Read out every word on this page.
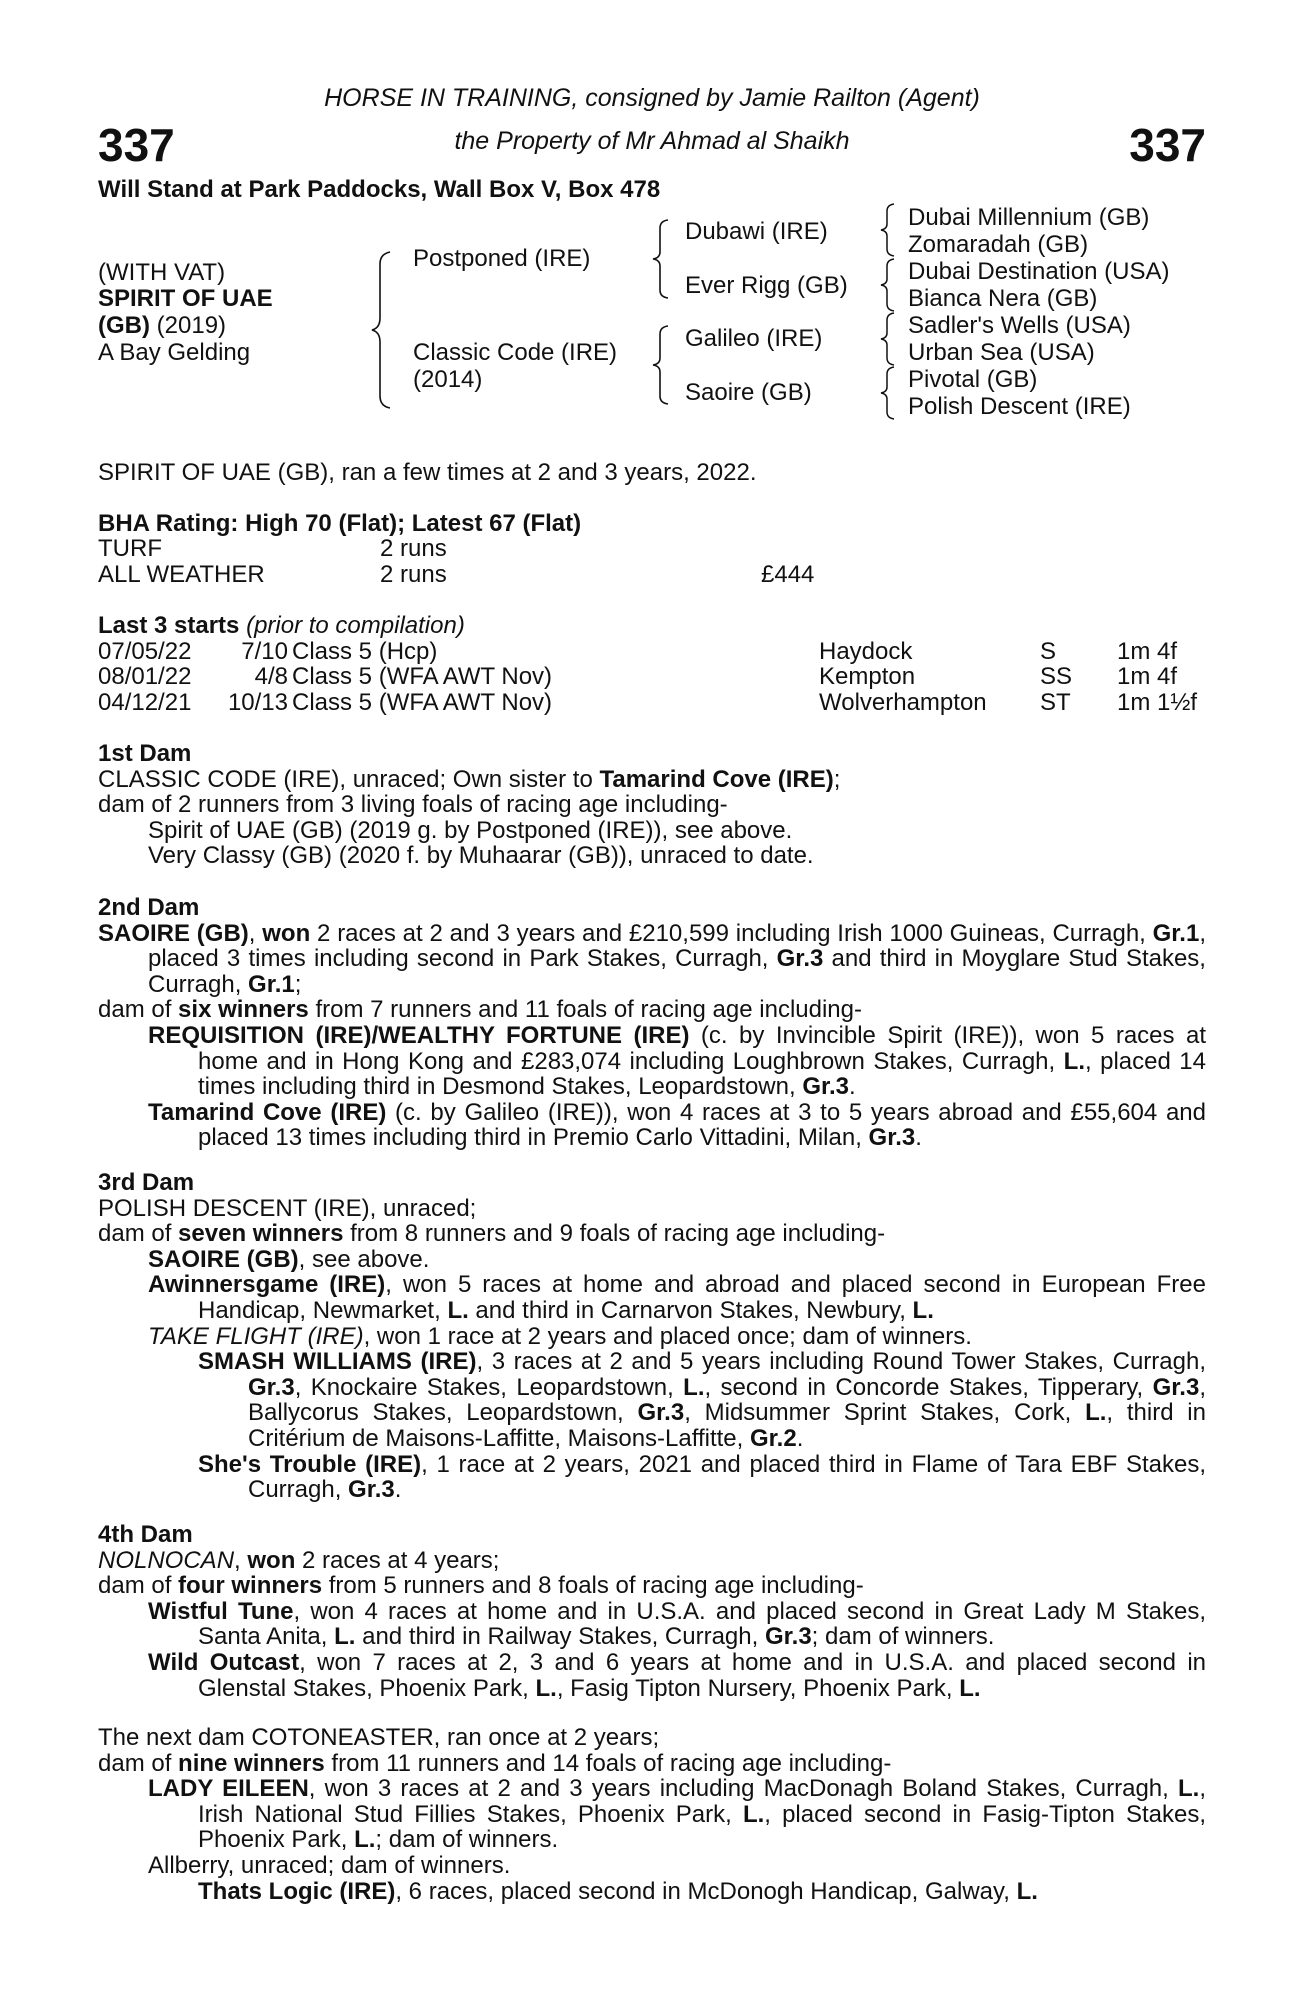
337	337
HORSE IN TRAINING, consigned by Jamie Railton (Agent)
the Property of Mr Ahmad al Shaikh
Will Stand at Park Paddocks, Wall Box V, Box 478
(WITH VAT)
SPIRIT OF UAE
(GB) (2019)
A Bay Gelding
Postponed (IRE)
Classic Code (IRE)
(2014)
Dubawi (IRE)
Ever Rigg (GB)
Galileo (IRE)
Saoire (GB)
Dubai Millennium (GB)
Zomaradah (GB)
Dubai Destination (USA)
Bianca Nera (GB)
Sadler's Wells (USA)
Urban Sea (USA)
Pivotal (GB)
Polish Descent (IRE)
SPIRIT OF UAE (GB), ran a few times at 2 and 3 years, 2022.
BHA Rating: High 70 (Flat); Latest 67 (Flat)
TURF	2 runs
ALL WEATHER	2 runs	£444
Last 3 starts (prior to compilation)
07/05/22	7/10 Class 5 (Hcp)	Haydock	S	1m 4f
08/01/22	4/8 Class 5 (WFA AWT Nov)	Kempton	SS 1m 4f
04/12/21	10/13 Class 5 (WFA AWT Nov)	Wolverhampton ST 1m 1½f
1st Dam
CLASSIC CODE (IRE), unraced; Own sister to Tamarind Cove (IRE);
dam of 2 runners from 3 living foals of racing age including-
Spirit of UAE (GB) (2019 g. by Postponed (IRE)), see above.
Very Classy (GB) (2020 f. by Muhaarar (GB)), unraced to date.
2nd Dam
SAOIRE (GB), won 2 races at 2 and 3 years and £210,599 including Irish 1000 Guineas, Curragh, Gr.1, placed 3 times including second in Park Stakes, Curragh, Gr.3 and third in Moyglare Stud Stakes, Curragh, Gr.1;
dam of six winners from 7 runners and 11 foals of racing age including-
REQUISITION (IRE)/WEALTHY FORTUNE (IRE) (c. by Invincible Spirit (IRE)), won 5 races at home and in Hong Kong and £283,074 including Loughbrown Stakes, Curragh, L., placed 14 times including third in Desmond Stakes, Leopardstown, Gr.3.
Tamarind Cove (IRE) (c. by Galileo (IRE)), won 4 races at 3 to 5 years abroad and £55,604 and placed 13 times including third in Premio Carlo Vittadini, Milan, Gr.3.
3rd Dam
POLISH DESCENT (IRE), unraced;
dam of seven winners from 8 runners and 9 foals of racing age including-
SAOIRE (GB), see above.
Awinnersgame (IRE), won 5 races at home and abroad and placed second in European Free Handicap, Newmarket, L. and third in Carnarvon Stakes, Newbury, L.
TAKE FLIGHT (IRE), won 1 race at 2 years and placed once; dam of winners.
SMASH WILLIAMS (IRE), 3 races at 2 and 5 years including Round Tower Stakes, Curragh, Gr.3, Knockaire Stakes, Leopardstown, L., second in Concorde Stakes, Tipperary, Gr.3, Ballycorus Stakes, Leopardstown, Gr.3, Midsummer Sprint Stakes, Cork, L., third in Critérium de Maisons-Laffitte, Maisons-Laffitte, Gr.2.
She's Trouble (IRE), 1 race at 2 years, 2021 and placed third in Flame of Tara EBF Stakes, Curragh, Gr.3.
4th Dam
NOLNOCAN, won 2 races at 4 years;
dam of four winners from 5 runners and 8 foals of racing age including-
Wistful Tune, won 4 races at home and in U.S.A. and placed second in Great Lady M Stakes, Santa Anita, L. and third in Railway Stakes, Curragh, Gr.3; dam of winners.
Wild Outcast, won 7 races at 2, 3 and 6 years at home and in U.S.A. and placed second in Glenstal Stakes, Phoenix Park, L., Fasig Tipton Nursery, Phoenix Park, L.
The next dam COTONEASTER, ran once at 2 years;
dam of nine winners from 11 runners and 14 foals of racing age including-
LADY EILEEN, won 3 races at 2 and 3 years including MacDonagh Boland Stakes, Curragh, L., Irish National Stud Fillies Stakes, Phoenix Park, L., placed second in Fasig-Tipton Stakes, Phoenix Park, L.; dam of winners.
Allberry, unraced; dam of winners.
Thats Logic (IRE), 6 races, placed second in McDonogh Handicap, Galway, L.
